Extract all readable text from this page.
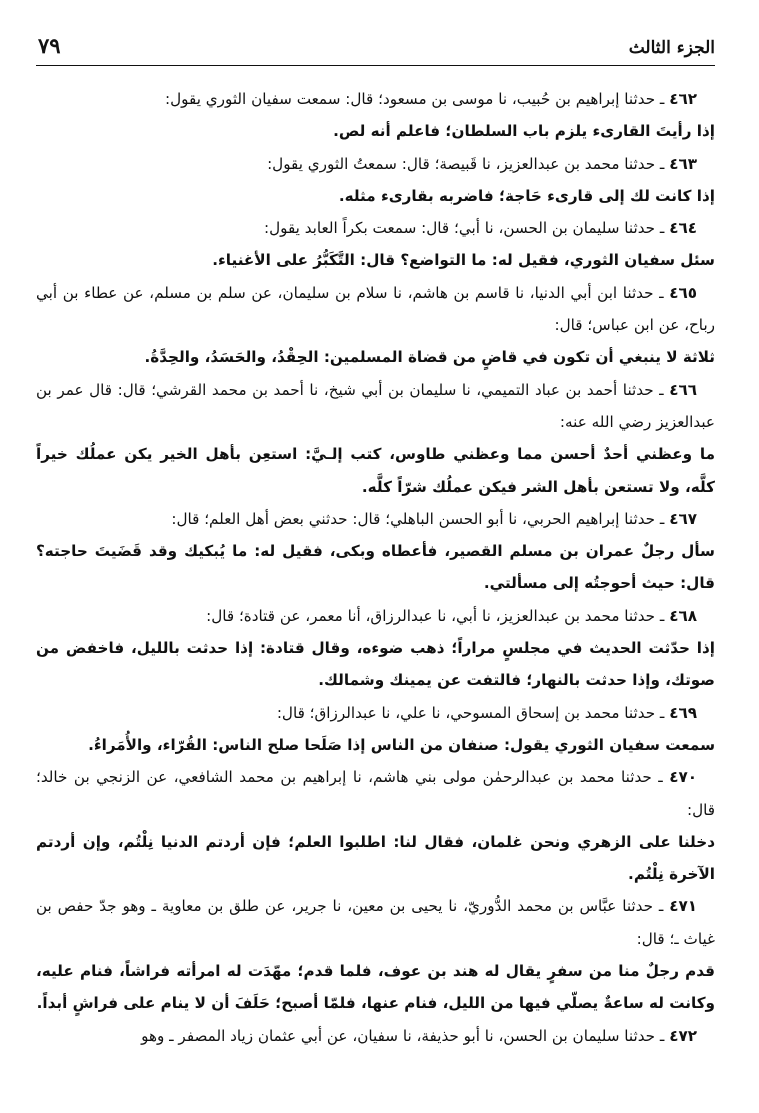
الجزء الثالث
٧٩

٤٦٢ ـ حدثنا إبراهيم بن حُبيب، نا موسى بن مسعود؛ قال: سمعت سفيان الثوري يقول:

إذا رأيتَ القارىء يلزم باب السلطان؛ فاعلم أنه لص.

٤٦٣ ـ حدثنا محمد بن عبدالعزيز، نا قَبيصة؛ قال: سمعتُ الثوري يقول:

إذا كانت لك إلى قارىء حَاجة؛ فاضربه بقارىء مثله.

٤٦٤ ـ حدثنا سليمان بن الحسن، نا أبي؛ قال: سمعت بكراً العابد يقول:

سئل سفيان الثوري، فقيل له: ما التواضع؟ قال: التَّكَبُّرُ على الأغنياء.

٤٦٥ ـ حدثنا ابن أبي الدنيا، نا قاسم بن هاشم، نا سلام بن سليمان، عن سلم بن مسلم، عن عطاء بن أبي رباح، عن ابن عباس؛ قال:

ثلاثة لا ينبغي أن تكون في قاضٍ من قضاة المسلمين: الحِقْدُ، والحَسَدُ، والحِدَّةُ.

٤٦٦ ـ حدثنا أحمد بن عباد التميمي، نا سليمان بن أبي شيخ، نا أحمد بن محمد القرشي؛ قال: قال عمر بن عبدالعزيز رضي الله عنه:

ما وعظني أحدٌ أحسن مما وعظني طاوس، كتب إلـيَّ: استعِن بأهل الخير يكن عملُك خيراً كلَّه، ولا تستعن بأهل الشر فيكن عملُك شرّاً كلَّه.

٤٦٧ ـ حدثنا إبراهيم الحربي، نا أبو الحسن الباهلي؛ قال: حدثني بعض أهل العلم؛ قال:

سأل رجلٌ عمران بن مسلم القصير، فأعطاه وبكى، فقيل له: ما يُبكيك وقد قَضَيتَ حاجته؟ قال: حيث أحوجتُه إلى مسألتي.

٤٦٨ ـ حدثنا محمد بن عبدالعزيز، نا أبي، نا عبدالرزاق، أنا معمر، عن قتادة؛ قال:

إذا حدّثت الحديث في مجلسٍ مراراً؛ ذهب ضوءه، وقال قتادة: إذا حدثت بالليل، فاخفض من صوتك، وإذا حدثت بالنهار؛ فالتفت عن يمينك وشمالك.

٤٦٩ ـ حدثنا محمد بن إسحاق المسوحي، نا علي، نا عبدالرزاق؛ قال:

سمعت سفيان الثوري يقول: صنفان من الناس إذا صَلَحا صلح الناس: القُرّاء، والأُمَراءُ.

٤٧٠ ـ حدثنا محمد بن عبدالرحمٰن مولى بني هاشم، نا إبراهيم بن محمد الشافعي، عن الزنجي بن خالد؛ قال:

دخلنا على الزهري ونحن غلمان، فقال لنا: اطلبوا العلم؛ فإن أردتم الدنيا نِلْتُم، وإن أردتم الآخرة نِلْتُم.

٤٧١ ـ حدثنا عبَّاس بن محمد الدُّوريّ، نا يحيى بن معين، نا جرير، عن طلق بن معاوية ـ وهو جدّ حفص بن غياث ـ؛ قال:

قدم رجلٌ منا من سفرٍ يقال له هند بن عوف، فلما قدم؛ مهّدَت له امرأته فراشاً، فنام عليه، وكانت له ساعةٌ يصلّي فيها من الليل، فنام عنها، فلمّا أصبح؛ حَلَفَ أن لا ينام على فراشٍ أبداً.

٤٧٢ ـ حدثنا سليمان بن الحسن، نا أبو حذيفة، نا سفيان، عن أبي عثمان زياد المصفر ـ وهو
